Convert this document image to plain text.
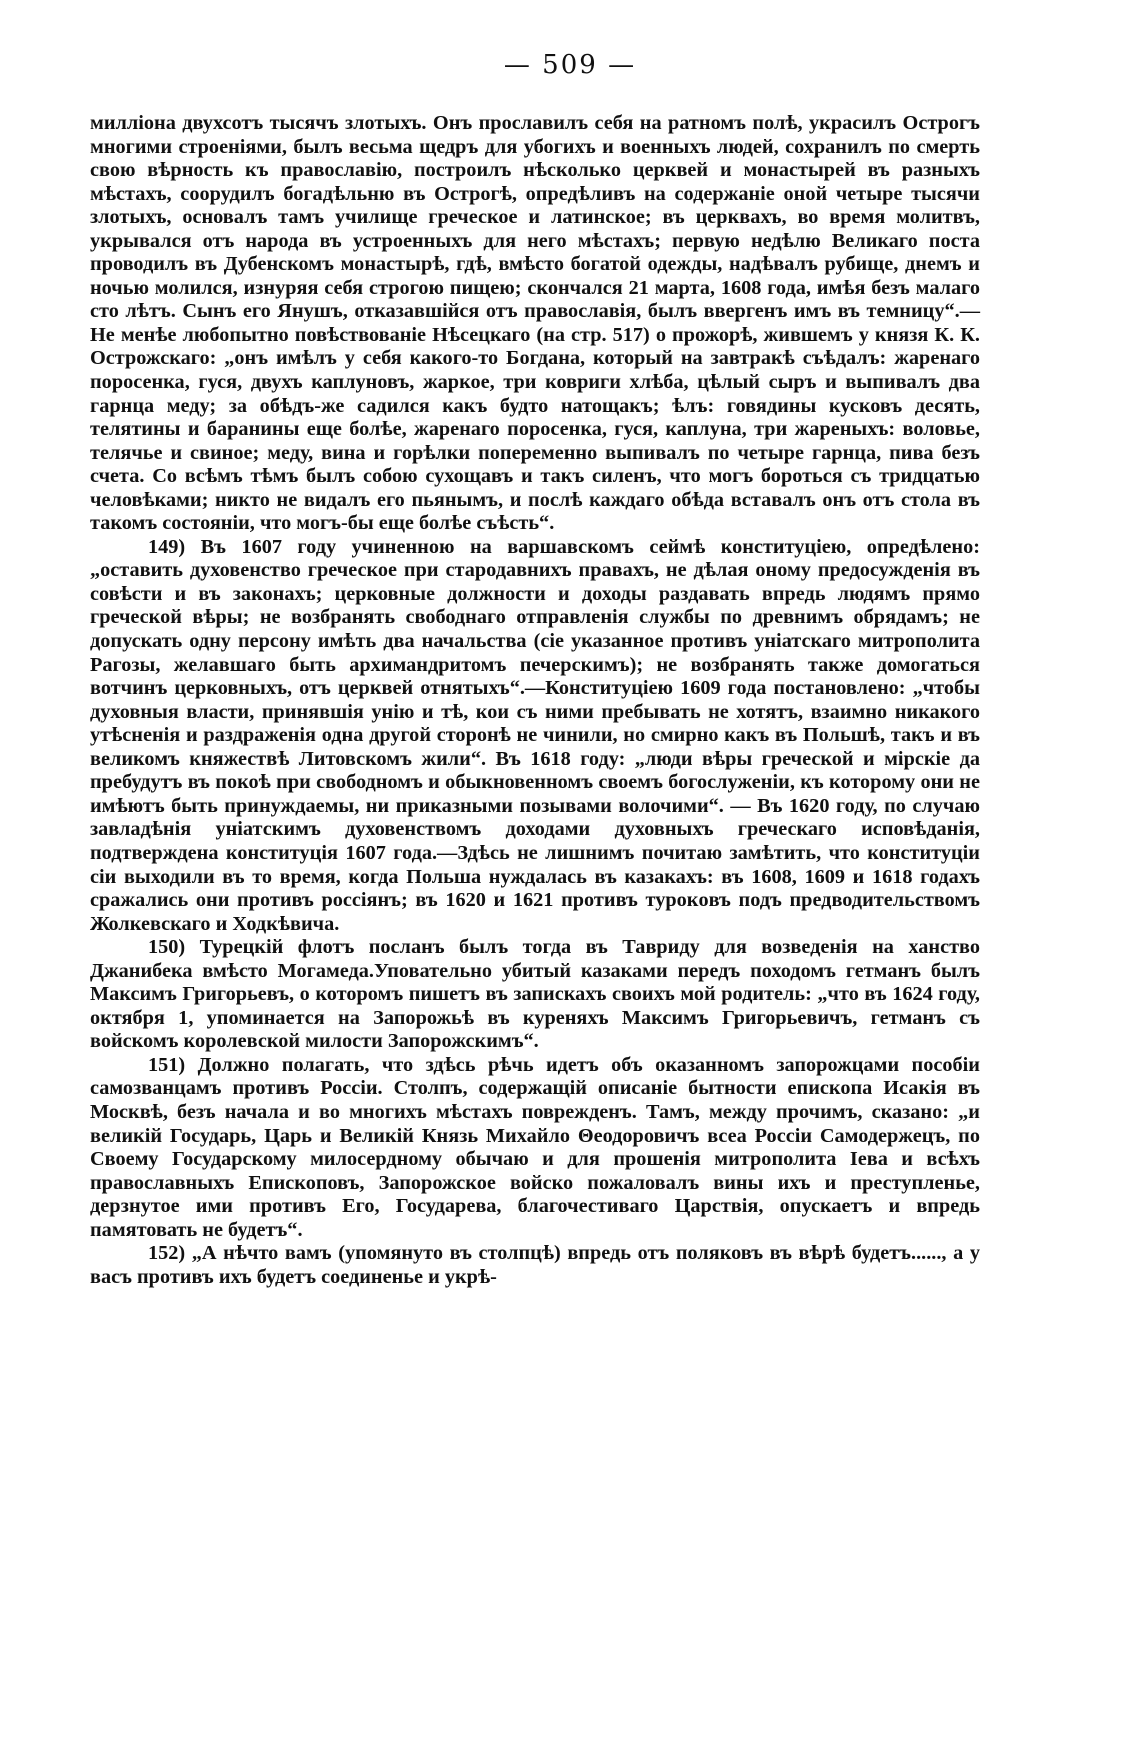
— 509 —

миллiона двухсотъ тысячъ злотыхъ. Онъ прославилъ себя на ратномъ полѣ, украсилъ Острогъ многими строенiями, былъ весьма щедръ для убогихъ и военныхъ людей, сохранилъ по смерть свою вѣрность къ православiю, построилъ нѣсколько церквей и монастырей въ разныхъ мѣстахъ, соорудилъ богадѣльню въ Острогѣ, опредѣливъ на содержанiе оной четыре тысячи злотыхъ, основалъ тамъ училище греческое и латинское; въ церквахъ, во время молитвъ, укрывался отъ народа въ устроенныхъ для него мѣстахъ; первую недѣлю Великаго поста проводилъ въ Дубенскомъ монастырѣ, гдѣ, вмѣсто богатой одежды, надѣвалъ рубище, днемъ и ночью молился, изнуряя себя строгою пищею; скончался 21 марта, 1608 года, имѣя безъ малаго сто лѣтъ. Сынъ его Янушъ, отказавшiйся отъ православiя, былъ ввергенъ имъ въ темницу“.—Не менѣе любопытно повѣствованiе Нѣсецкаго (на стр. 517) о прожорѣ, жившемъ у князя К. К. Острожскаго: „онъ имѣлъ у себя какого-то Богдана, который на завтракѣ съѣдалъ: жаренаго поросенка, гуся, двухъ каплуновъ, жаркое, три ковриги хлѣба, цѣлый сыръ и выпивалъ два гарнца меду; за обѣдъ-же садился какъ будто натощакъ; ѣлъ: говядины кусковъ десять, телятины и баранины еще болѣе, жаренаго поросенка, гуся, каплуна, три жареныхъ: воловье, телячье и свиное; меду, вина и горѣлки попеременно выпивалъ по четыре гарнца, пива безъ счета. Со всѣмъ тѣмъ былъ собою сухощавъ и такъ силенъ, что могъ бороться съ тридцатью человѣками; никто не видалъ его пьянымъ, и послѣ каждаго обѣда вставалъ онъ отъ стола въ такомъ состоянiи, что могъ-бы еще болѣе съѣсть“.

149) Въ 1607 году учиненною на варшавскомъ сеймѣ конституцiею, опредѣлено: „оставить духовенство греческое при стародавнихъ правахъ, не дѣлая оному предосужденiя въ совѣсти и въ законахъ; церковные должности и доходы раздавать впредь людямъ прямо греческой вѣры; не возбранять свободнаго отправленiя службы по древнимъ обрядамъ; не допускать одну персону имѣть два начальства (сiе указанное противъ унiатскаго митрополита Рагозы, желавшаго быть архимандритомъ печерскимъ); не возбранять также домогаться вотчинъ церковныхъ, отъ церквей отнятыхъ“.—Конституцiею 1609 года постановлено: „чтобы духовныя власти, принявшiя унiю и тѣ, кои съ ними пребывать не хотятъ, взаимно никакого утѣсненiя и раздраженiя одна другой сторонѣ не чинили, но смирно какъ въ Польшѣ, такъ и въ великомъ княжествѣ Литовскомъ жили“. Въ 1618 году: „люди вѣры греческой и мiрскiе да пребудутъ въ покоѣ при свободномъ и обыкновенномъ своемъ богослуженiи, къ которому они не имѣютъ быть принуждаемы, ни приказными позывами волочими“. — Въ 1620 году, по случаю завладѣнiя унiатскимъ духовенствомъ доходами духовныхъ греческаго исповѣданiя, подтверждена конституцiя 1607 года.—Здѣсь не лишнимъ почитаю замѣтить, что конституцiи сiи выходили въ то время, когда Польша нуждалась въ казакахъ: въ 1608, 1609 и 1618 годахъ сражались они противъ россiянъ; въ 1620 и 1621 противъ турокoвъ подъ предводительствомъ Жолкевскаго и Ходкѣвича.

150) Турецкiй флотъ посланъ былъ тогда въ Тавриду для возведенiя на ханство Джанибека вмѣсто Могамеда.Уповательно убитый казаками передъ походомъ гетманъ былъ Максимъ Григорьевъ, о которомъ пишетъ въ запискахъ своихъ мой родитель: „что въ 1624 году, октября 1, упоминается на Запорожьѣ въ куреняхъ Максимъ Григорьевичъ, гетманъ съ войскомъ королевской милости Запорожскимъ“.

151) Должно полагать, что здѣсь рѣчь идетъ объ оказанномъ запорожцами пособiи самозванцамъ противъ Россiи. Столпъ, содержащiй описанiе бытности епископа Исакiя въ Москвѣ, безъ начала и во многихъ мѣстахъ поврежденъ. Тамъ, между прочимъ, сказано: „и великiй Государь, Царь и Великiй Князь Михайло Θеодоровичъ всеа Россiи Самодержецъ, по Своему Государскому милосердному обычаю и для прошенiя митрополита Iева и всѣхъ православныхъ Епископовъ, Запорожское войско пожаловалъ вины ихъ и преступленье, дерзнутое ими противъ Его, Государева, благочестиваго Царствiя, опускаетъ и впредь памятовать не будетъ“.

152) „А нѣчто вамъ (упомянуто въ столпцѣ) впредь отъ поляковъ въ вѣрѣ будетъ......, а у васъ противъ ихъ будетъ соединенье и укрѣ-
